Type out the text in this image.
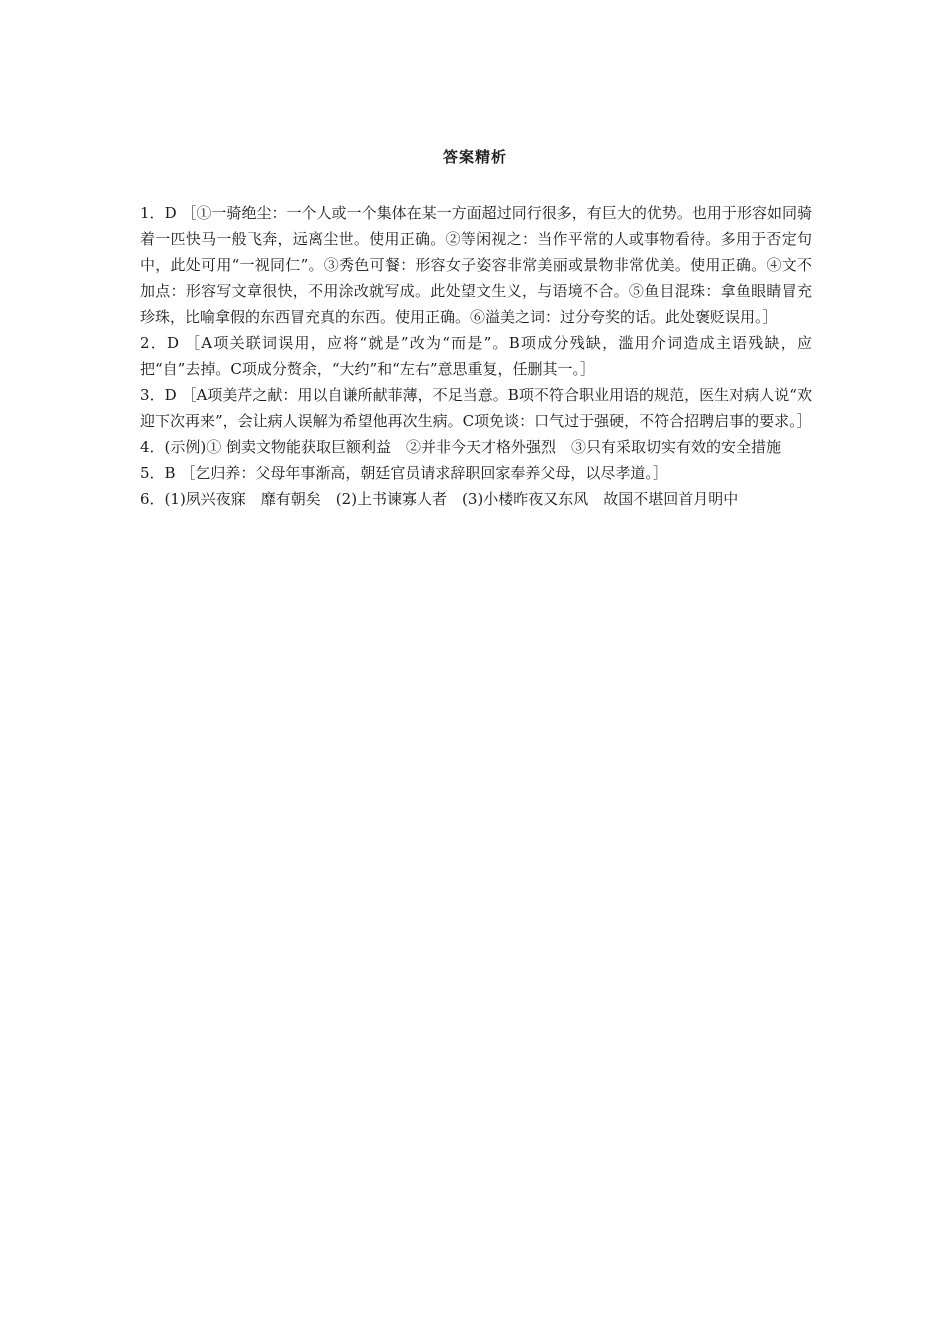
答案精析

1．D ［①一骑绝尘：一个人或一个集体在某一方面超过同行很多，有巨大的优势。也用于形容如同骑着一匹快马一般飞奔，远离尘世。使用正确。②等闲视之：当作平常的人或事物看待。多用于否定句中，此处可用“一视同仁”。③秀色可餐：形容女子姿容非常美丽或景物非常优美。使用正确。④文不加点：形容写文章很快，不用涂改就写成。此处望文生义，与语境不合。⑤鱼目混珠：拿鱼眼睛冒充珍珠，比喻拿假的东西冒充真的东西。使用正确。⑥溢美之词：过分夸奖的话。此处褒贬误用。］

2．D ［A项关联词误用，应将“就是”改为“而是”。B项成分残缺，滥用介词造成主语残缺，应把“自”去掉。C项成分赘余，“大约”和“左右”意思重复，任删其一。］

3．D ［A项美芹之献：用以自谦所献菲薄，不足当意。B项不符合职业用语的规范，医生对病人说“欢迎下次再来”，会让病人误解为希望他再次生病。C项免谈：口气过于强硬，不符合招聘启事的要求。］

4．(示例)① 倒卖文物能获取巨额利益　②并非今天才格外强烈　③只有采取切实有效的安全措施

5．B ［乞归养：父母年事渐高，朝廷官员请求辞职回家奉养父母，以尽孝道。］

6．(1)夙兴夜寐　靡有朝矣　(2)上书谏寡人者　(3)小楼昨夜又东风　故国不堪回首月明中
